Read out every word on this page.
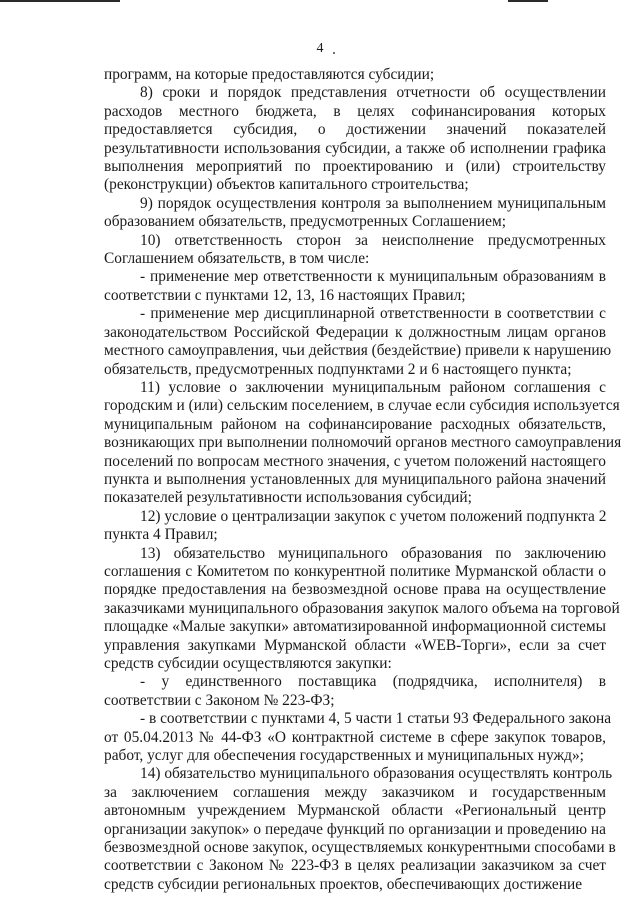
4

программ, на которые предоставляются субсидии;

8) сроки и порядок представления отчетности об осуществлении
расходов местного бюджета, в целях софинансирования которых
предоставляется субсидия, о достижении значений показателей
результативности использования субсидии, а также об исполнении графика
выполнения мероприятий по проектированию и (или) строительству
(реконструкции) объектов капитального строительства;

9) порядок осуществления контроля за выполнением муниципальным
образованием обязательств, предусмотренных Соглашением;

10) ответственность сторон за неисполнение предусмотренных
Соглашением обязательств, в том числе:

- применение мер ответственности к муниципальным образованиям в
соответствии с пунктами 12, 13, 16 настоящих Правил;

- применение мер дисциплинарной ответственности в соответствии с
законодательством Российской Федерации к должностным лицам органов
местного самоуправления, чьи действия (бездействие) привели к нарушению
обязательств, предусмотренных подпунктами 2 и 6 настоящего пункта;

11) условие о заключении муниципальным районом соглашения с
городским и (или) сельским поселением, в случае если субсидия используется
муниципальным районом на софинансирование расходных обязательств,
возникающих при выполнении полномочий органов местного самоуправления
поселений по вопросам местного значения, с учетом положений настоящего
пункта и выполнения установленных для муниципального района значений
показателей результативности использования субсидий;

12) условие о централизации закупок с учетом положений подпункта 2
пункта 4 Правил;

13) обязательство муниципального образования по заключению
соглашения с Комитетом по конкурентной политике Мурманской области о
порядке предоставления на безвозмездной основе права на осуществление
заказчиками муниципального образования закупок малого объема на торговой
площадке «Малые закупки» автоматизированной информационной системы
управления закупками Мурманской области «WEB-Торги», если за счет
средств субсидии осуществляются закупки:

- у единственного поставщика (подрядчика, исполнителя) в
соответствии с Законом № 223-ФЗ;

- в соответствии с пунктами 4, 5 части 1 статьи 93 Федерального закона
от 05.04.2013 № 44-ФЗ «О контрактной системе в сфере закупок товаров,
работ, услуг для обеспечения государственных и муниципальных нужд»;

14) обязательство муниципального образования осуществлять контроль
за заключением соглашения между заказчиком и государственным
автономным учреждением Мурманской области «Региональный центр
организации закупок» о передаче функций по организации и проведению на
безвозмездной основе закупок, осуществляемых конкурентными способами в
соответствии с Законом № 223-ФЗ в целях реализации заказчиком за счет
средств субсидии региональных проектов, обеспечивающих достижение
